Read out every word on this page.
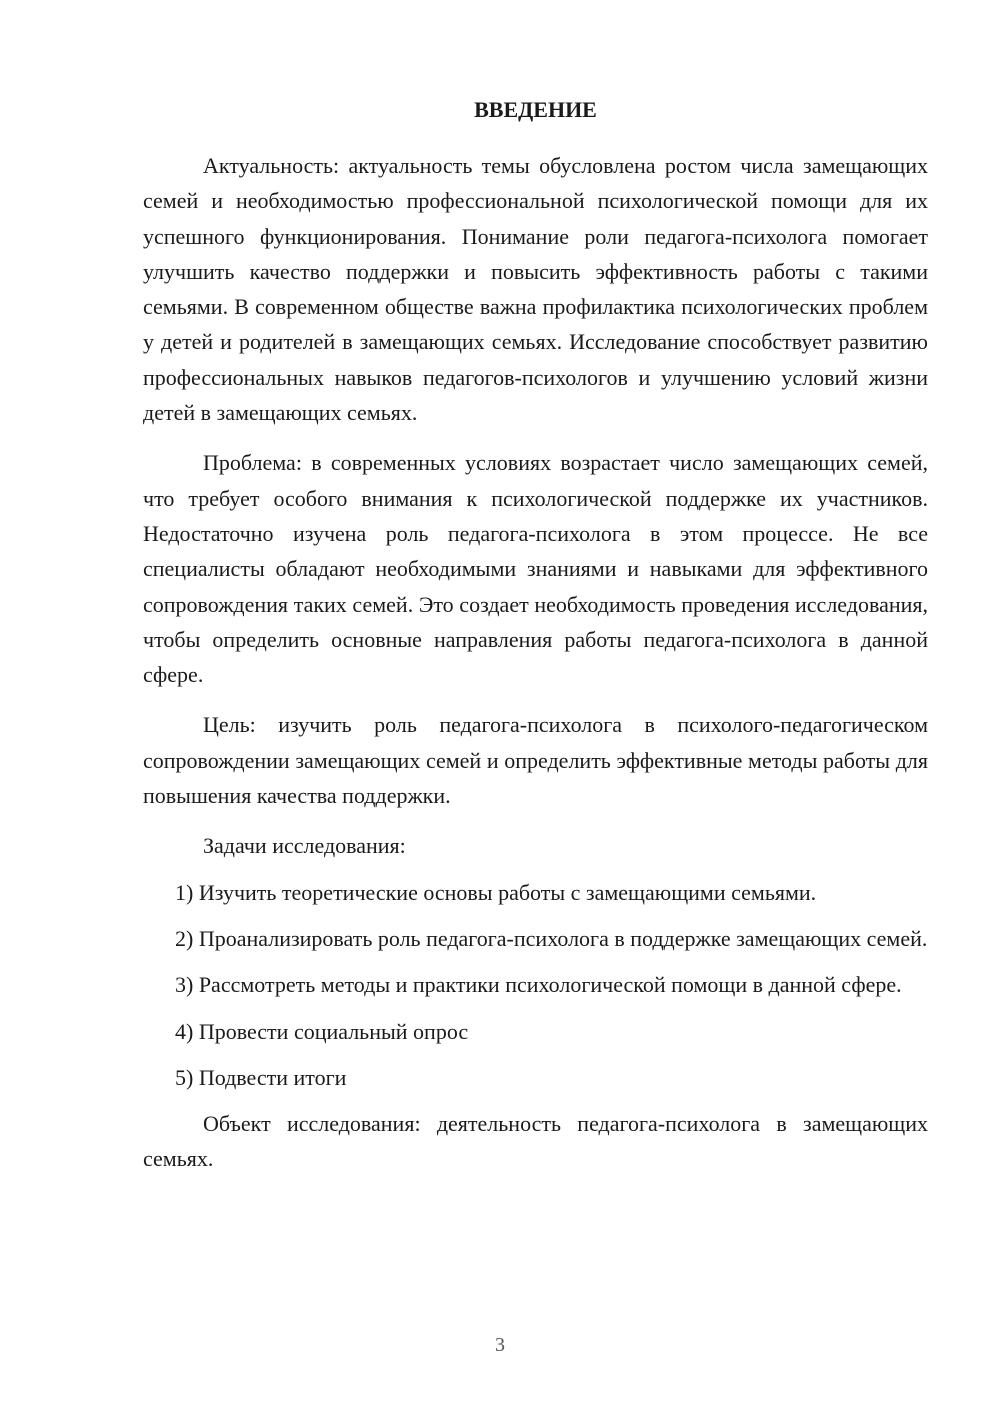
ВВЕДЕНИЕ

Актуальность: актуальность темы обусловлена ростом числа замещающих семей и необходимостью профессиональной психологической помощи для их успешного функционирования. Понимание роли педагога-психолога помогает улучшить качество поддержки и повысить эффективность работы с такими семьями. В современном обществе важна профилактика психологических проблем у детей и родителей в замещающих семьях. Исследование способствует развитию профессиональных навыков педагогов-психологов и улучшению условий жизни детей в замещающих семьях.

Проблема: в современных условиях возрастает число замещающих семей, что требует особого внимания к психологической поддержке их участников. Недостаточно изучена роль педагога-психолога в этом процессе. Не все специалисты обладают необходимыми знаниями и навыками для эффективного сопровождения таких семей. Это создает необходимость проведения исследования, чтобы определить основные направления работы педагога-психолога в данной сфере.

Цель: изучить роль педагога-психолога в психолого-педагогическом сопровождении замещающих семей и определить эффективные методы работы для повышения качества поддержки.

Задачи исследования:

1) Изучить теоретические основы работы с замещающими семьями.

2) Проанализировать роль педагога-психолога в поддержке замещающих семей.

3) Рассмотреть методы и практики психологической помощи в данной сфере.

4) Провести социальный опрос

5) Подвести итоги

Объект исследования: деятельность педагога-психолога в замещающих семьях.

3
